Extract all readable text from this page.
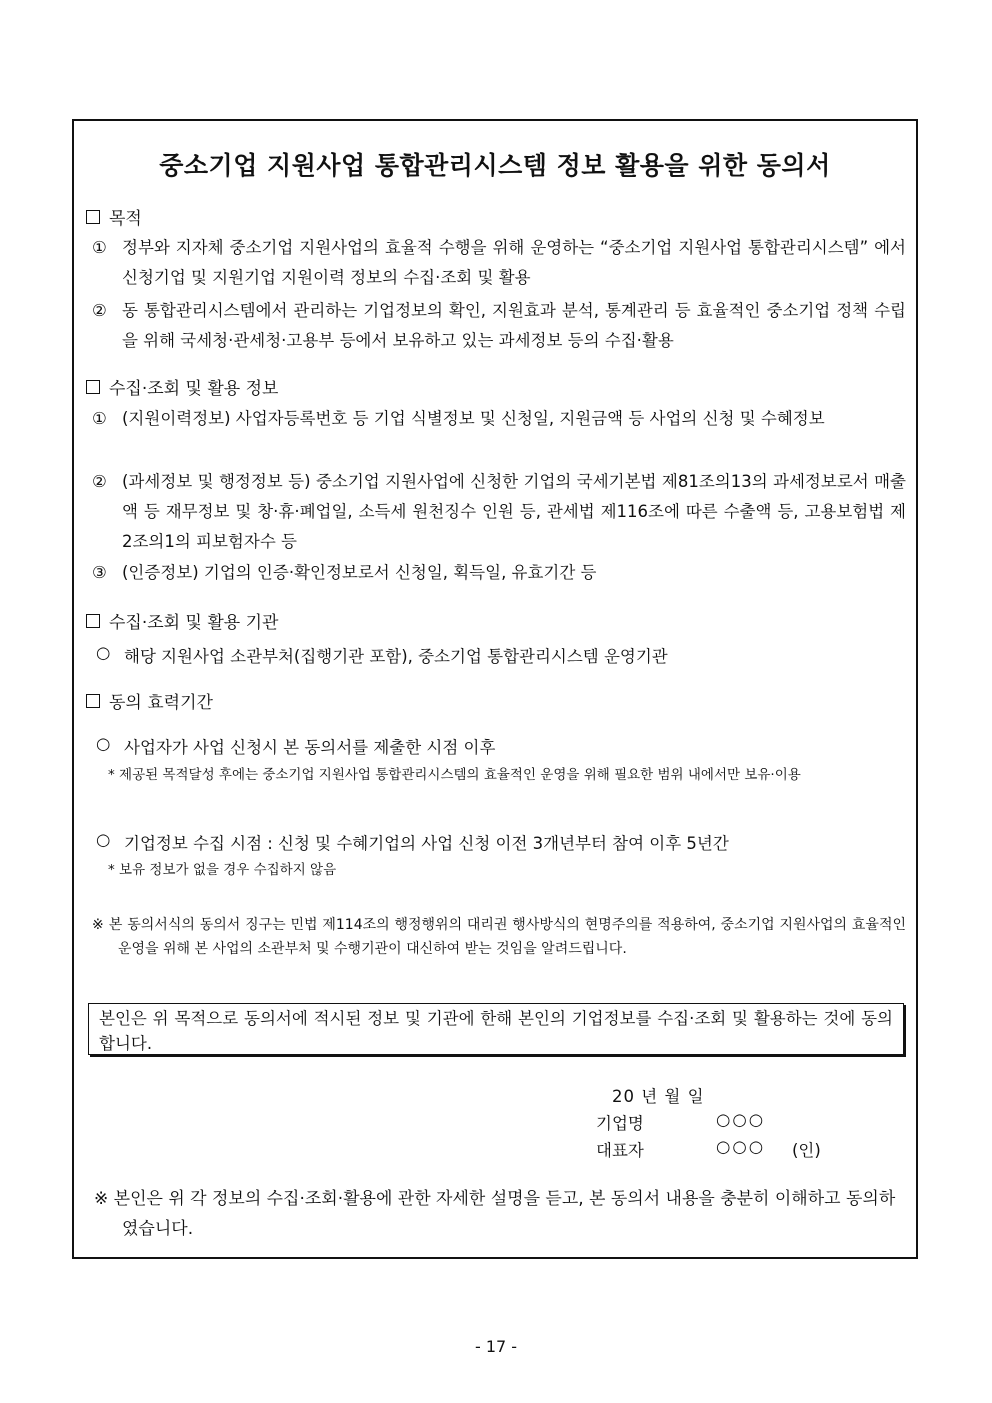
중소기업 지원사업 통합관리시스템 정보 활용을 위한 동의서
목적
① 정부와 지자체 중소기업 지원사업의 효율적 수행을 위해 운영하는 “중소기업 지원사업 통합관리시스템” 에서 신청기업 및 지원기업 지원이력 정보의 수집·조회 및 활용
② 동 통합관리시스템에서 관리하는 기업정보의 확인, 지원효과 분석, 통계관리 등 효율적인 중소기업 정책 수립을 위해 국세청·관세청·고용부 등에서 보유하고 있는 과세정보 등의 수집·활용
수집·조회 및 활용 정보
① (지원이력정보) 사업자등록번호 등 기업 식별정보 및 신청일, 지원금액 등 사업의 신청 및 수혜정보
② (과세정보 및 행정정보 등) 중소기업 지원사업에 신청한 기업의 국세기본법 제81조의13의 과세정보로서 매출액 등 재무정보 및 창·휴·폐업일, 소득세 원천징수 인원 등, 관세법 제116조에 따른 수출액 등, 고용보험법 제2조의1의 피보험자수 등
③ (인증정보) 기업의 인증·확인정보로서 신청일, 획득일, 유효기간 등
수집·조회 및 활용 기관
○ 해당 지원사업 소관부처(집행기관 포함), 중소기업 통합관리시스템 운영기관
동의 효력기간
○ 사업자가 사업 신청시 본 동의서를 제출한 시점 이후
* 제공된 목적달성 후에는 중소기업 지원사업 통합관리시스템의 효율적인 운영을 위해 필요한 범위 내에서만 보유·이용
○ 기업정보 수집 시점 : 신청 및 수혜기업의 사업 신청 이전 3개년부터 참여 이후 5년간
* 보유 정보가 없을 경우 수집하지 않음
※ 본 동의서식의 동의서 징구는 민법 제114조의 행정행위의 대리권 행사방식의 현명주의를 적용하여, 중소기업 지원사업의 효율적인 운영을 위해 본 사업의 소관부처 및 수행기관이 대신하여 받는 것임을 알려드립니다.
본인은 위 목적으로 동의서에 적시된 정보 및 기관에 한해 본인의 기업정보를 수집·조회 및 활용하는 것에 동의합니다.
20 년 월 일
기업명	○○○
대표자	○○○ (인)
※ 본인은 위 각 정보의 수집·조회·활용에 관한 자세한 설명을 듣고, 본 동의서 내용을 충분히 이해하고 동의하였습니다.
- 17 -
